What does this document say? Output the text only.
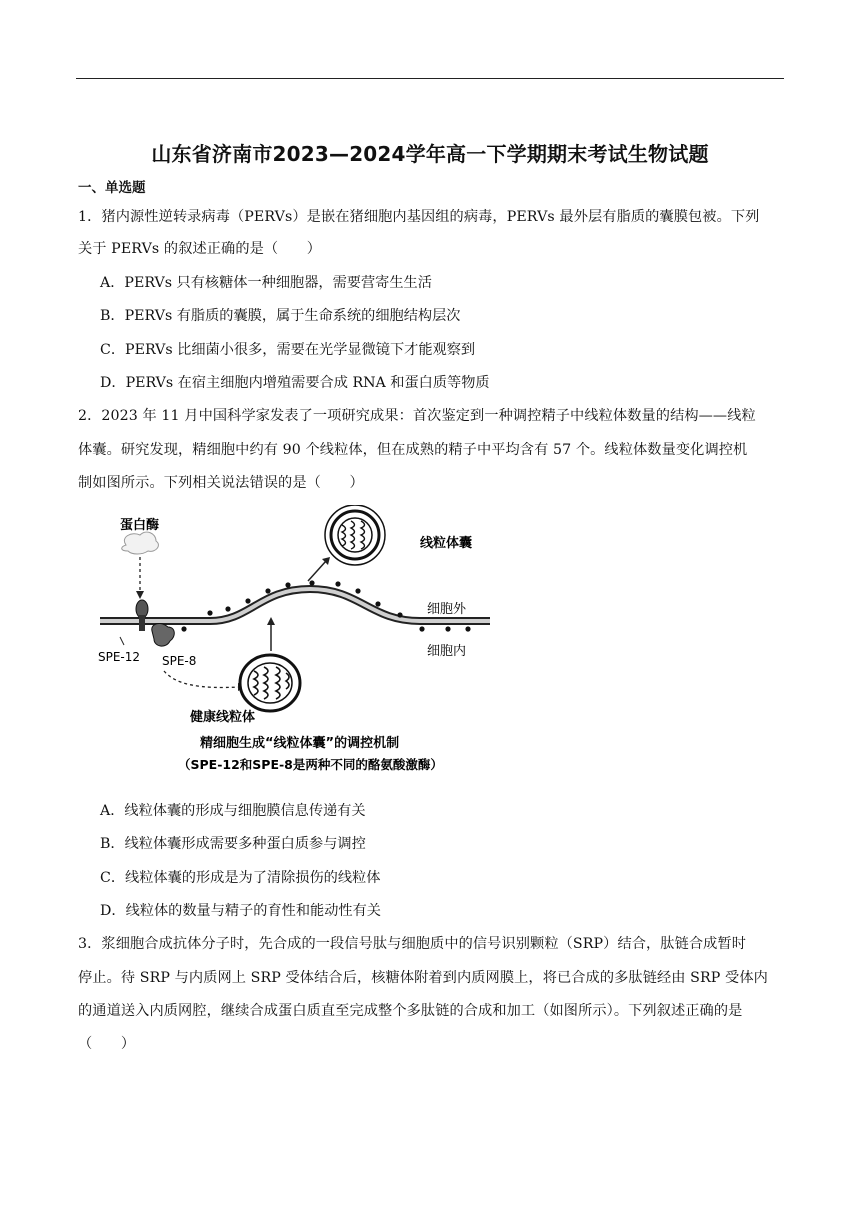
山东省济南市2023—2024学年高一下学期期末考试生物试题
一、单选题
1．猪内源性逆转录病毒（PERVs）是嵌在猪细胞内基因组的病毒，PERVs 最外层有脂质的囊膜包被。下列
关于 PERVs 的叙述正确的是（　　）
A．PERVs 只有核糖体一种细胞器，需要营寄生生活
B．PERVs 有脂质的囊膜，属于生命系统的细胞结构层次
C．PERVs 比细菌小很多，需要在光学显微镜下才能观察到
D．PERVs 在宿主细胞内增殖需要合成 RNA 和蛋白质等物质
2．2023 年 11 月中国科学家发表了一项研究成果：首次鉴定到一种调控精子中线粒体数量的结构——线粒
体囊。研究发现，精细胞中约有 90 个线粒体，但在成熟的精子中平均含有 57 个。线粒体数量变化调控机
制如图所示。下列相关说法错误的是（　　）
蛋白酶
SPE-12 SPE-8
健康线粒体
线粒体囊
细胞外
细胞内
精细胞生成“线粒体囊”的调控机制
（SPE-12和SPE-8是两种不同的酪氨酸激酶）
A．线粒体囊的形成与细胞膜信息传递有关
B．线粒体囊形成需要多种蛋白质参与调控
C．线粒体囊的形成是为了清除损伤的线粒体
D．线粒体的数量与精子的育性和能动性有关
3．浆细胞合成抗体分子时，先合成的一段信号肽与细胞质中的信号识别颗粒（SRP）结合，肽链合成暂时
停止。待 SRP 与内质网上 SRP 受体结合后，核糖体附着到内质网膜上，将已合成的多肽链经由 SRP 受体内
的通道送入内质网腔，继续合成蛋白质直至完成整个多肽链的合成和加工（如图所示）。下列叙述正确的是
（　　）
